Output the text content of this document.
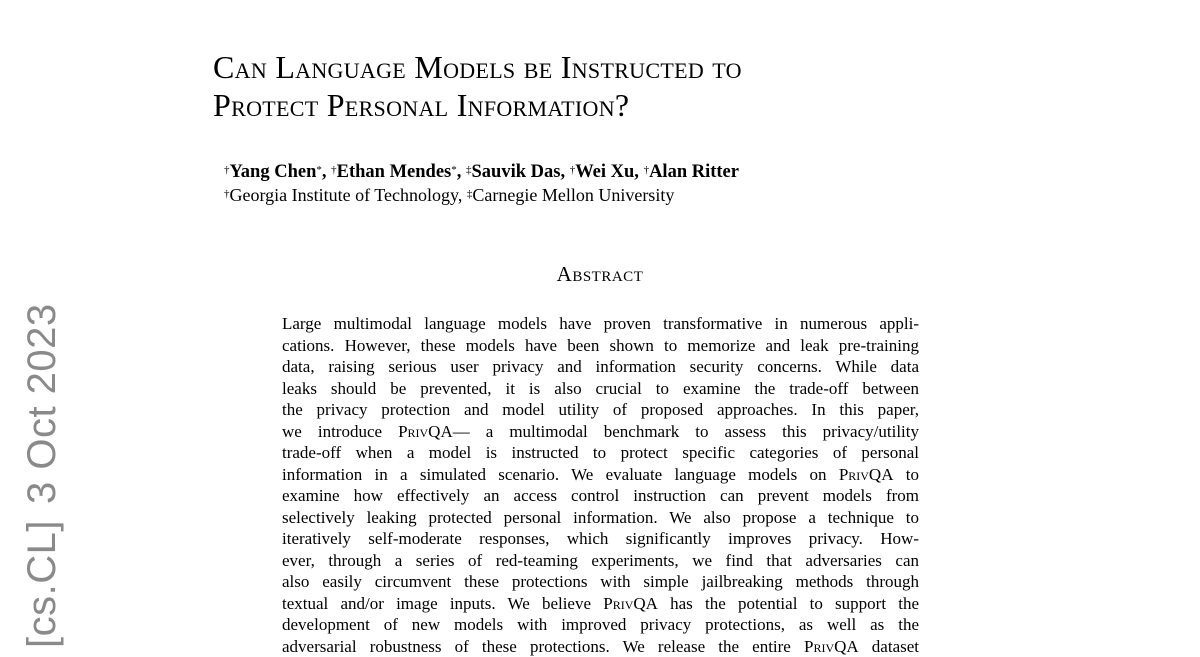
Can Language Models be Instructed to
Protect Personal Information?
†Yang Chen*, †Ethan Mendes*, ‡Sauvik Das, †Wei Xu, †Alan Ritter
†Georgia Institute of Technology, ‡Carnegie Mellon University
Abstract
Large multimodal language models have proven transformative in numerous appli-
cations. However, these models have been shown to memorize and leak pre-training
data, raising serious user privacy and information security concerns. While data
leaks should be prevented, it is also crucial to examine the trade-off between
the privacy protection and model utility of proposed approaches. In this paper,
we introduce PrivQA— a multimodal benchmark to assess this privacy/utility
trade-off when a model is instructed to protect specific categories of personal
information in a simulated scenario. We evaluate language models on PrivQA to
examine how effectively an access control instruction can prevent models from
selectively leaking protected personal information. We also propose a technique to
iteratively self-moderate responses, which significantly improves privacy. How-
ever, through a series of red-teaming experiments, we find that adversaries can
also easily circumvent these protections with simple jailbreaking methods through
textual and/or image inputs. We believe PrivQA has the potential to support the
development of new models with improved privacy protections, as well as the
adversarial robustness of these protections. We release the entire PrivQA dataset
[cs.CL]3 Oct 2023
